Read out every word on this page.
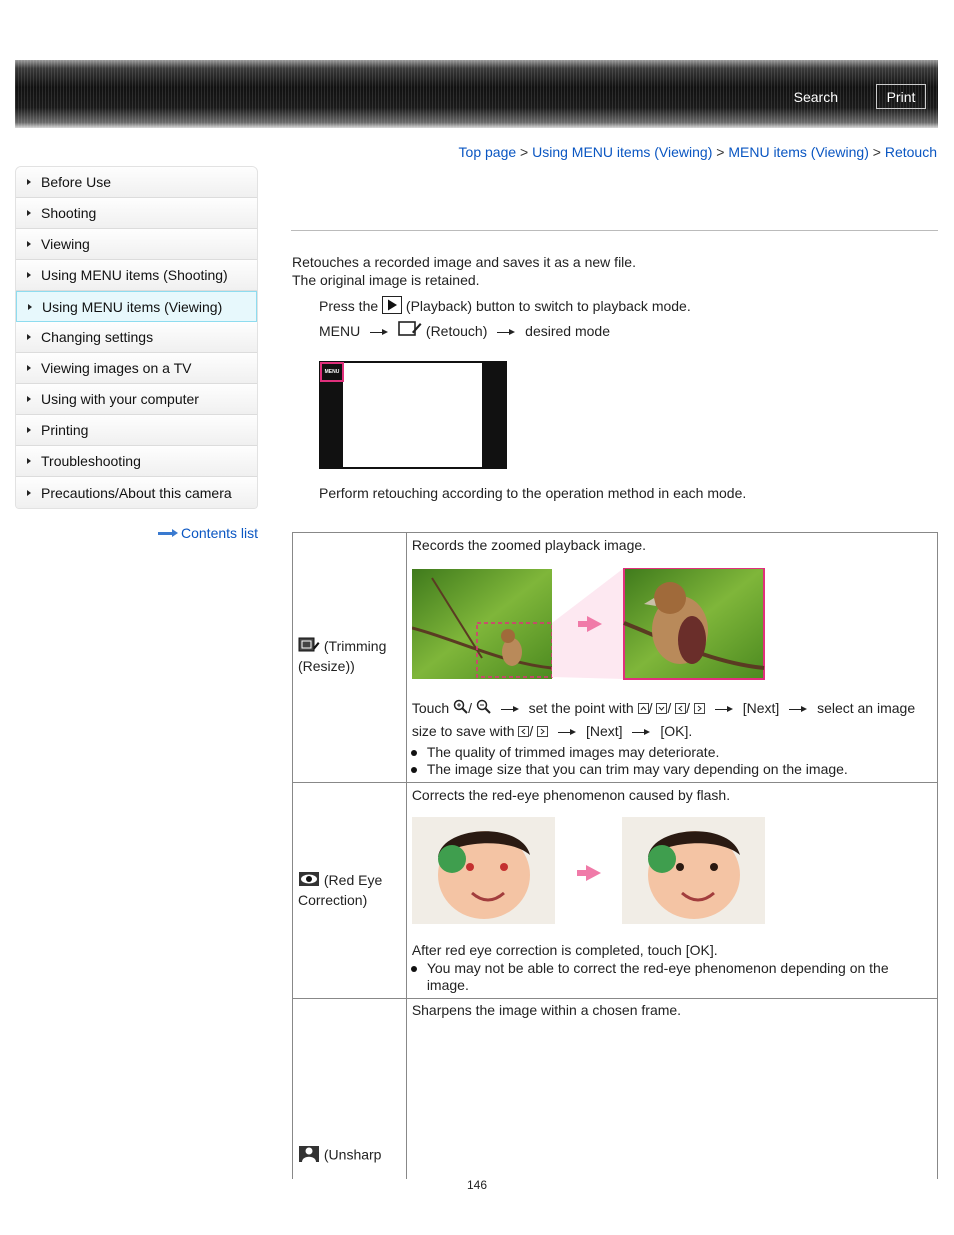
Search	Print
Top page > Using MENU items (Viewing) > MENU items (Viewing) > Retouch
Before Use
Shooting
Viewing
Using MENU items (Shooting)
Using MENU items (Viewing)
Changing settings
Viewing images on a TV
Using with your computer
Printing
Troubleshooting
Precautions/About this camera
Contents list
Retouches a recorded image and saves it as a new file.
The original image is retained.
Press the (Playback) button to switch to playback mode.
MENU	(Retouch)	desired mode
MENU
Perform retouching according to the operation method in each mode.
(Trimming (Resize))	Records the zoomed playback image.
Touch / set the point with / / / [Next] select an image
size to save with / [Next] [OK].
The quality of trimmed images may deteriorate.
The image size that you can trim may vary depending on the image.

(Red Eye Correction)	Corrects the red-eye phenomenon caused by flash.
After red eye correction is completed, touch [OK].
You may not be able to correct the red-eye phenomenon depending on the image.

(Unsharp	Sharpens the image within a chosen frame.
146
